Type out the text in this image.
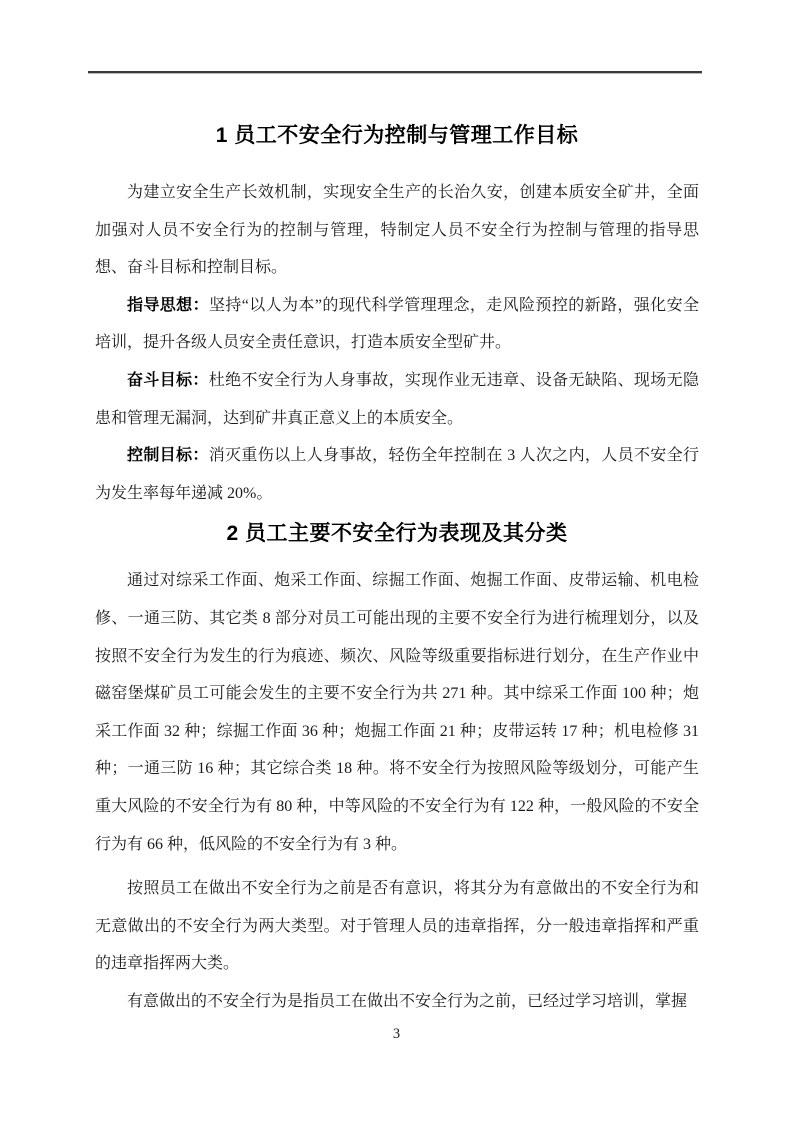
1 员工不安全行为控制与管理工作目标

为建立安全生产长效机制，实现安全生产的长治久安，创建本质安全矿井，全面加强对人员不安全行为的控制与管理，特制定人员不安全行为控制与管理的指导思想、奋斗目标和控制目标。

指导思想：坚持“以人为本”的现代科学管理理念，走风险预控的新路，强化安全培训，提升各级人员安全责任意识，打造本质安全型矿井。

奋斗目标：杜绝不安全行为人身事故，实现作业无违章、设备无缺陷、现场无隐患和管理无漏洞，达到矿井真正意义上的本质安全。

控制目标：消灭重伤以上人身事故，轻伤全年控制在 3 人次之内，人员不安全行为发生率每年递减 20%。

2 员工主要不安全行为表现及其分类

通过对综采工作面、炮采工作面、综掘工作面、炮掘工作面、皮带运输、机电检修、一通三防、其它类 8 部分对员工可能出现的主要不安全行为进行梳理划分，以及按照不安全行为发生的行为痕迹、频次、风险等级重要指标进行划分，在生产作业中磁窑堡煤矿员工可能会发生的主要不安全行为共 271 种。其中综采工作面 100 种；炮采工作面 32 种；综掘工作面 36 种；炮掘工作面 21 种；皮带运转 17 种；机电检修 31 种；一通三防 16 种；其它综合类 18 种。将不安全行为按照风险等级划分，可能产生重大风险的不安全行为有 80 种，中等风险的不安全行为有 122 种，一般风险的不安全行为有 66 种，低风险的不安全行为有 3 种。

按照员工在做出不安全行为之前是否有意识，将其分为有意做出的不安全行为和无意做出的不安全行为两大类型。对于管理人员的违章指挥，分一般违章指挥和严重的违章指挥两大类。

有意做出的不安全行为是指员工在做出不安全行为之前，已经过学习培训，掌握

3
